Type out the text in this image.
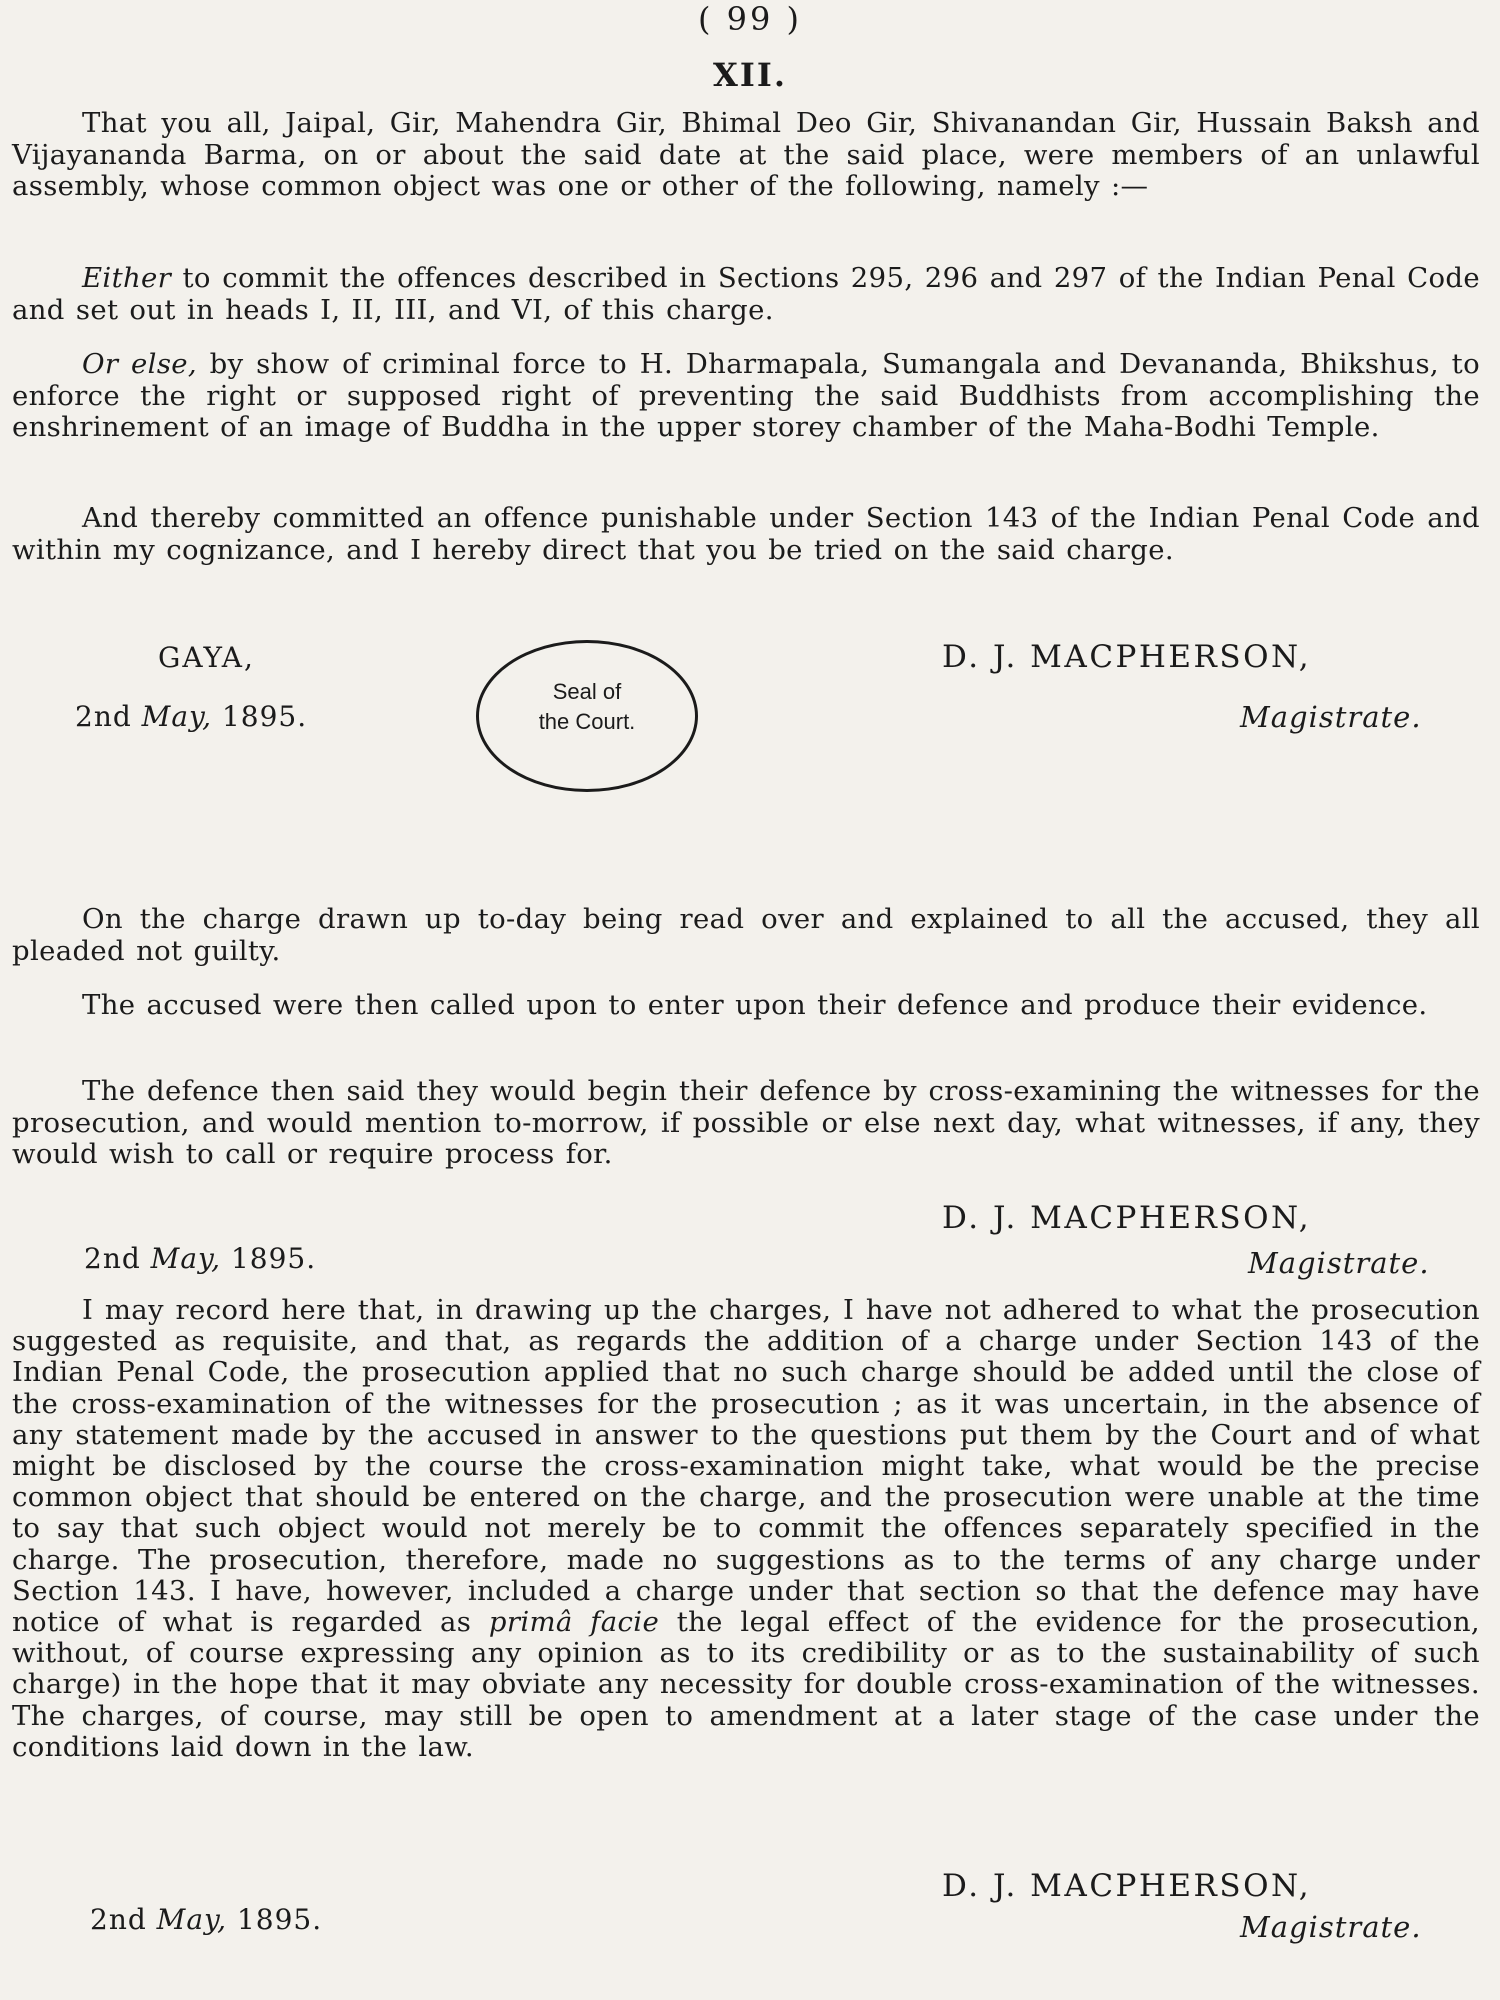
( 99 )
XII.

That you all, Jaipal, Gir, Mahendra Gir, Bhimal Deo Gir, Shivanandan Gir, Hussain Baksh and Vijayananda Barma, on or about the said date at the said place, were members of an unlawful assembly, whose common object was one or other of the following, namely :—

Either to commit the offences described in Sections 295, 296 and 297 of the Indian Penal Code and set out in heads I, II, III, and VI, of this charge.

Or else, by show of criminal force to H. Dharmapala, Sumangala and Devananda, Bhikshus, to enforce the right or supposed right of preventing the said Buddhists from accomplishing the enshrinement of an image of Buddha in the upper storey chamber of the Maha-Bodhi Temple.

And thereby committed an offence punishable under Section 143 of the Indian Penal Code and within my cognizance, and I hereby direct that you be tried on the said charge.

GAYA,
2nd May, 1895.
Seal of
the Court.
D. J. MACPHERSON,
Magistrate.

On the charge drawn up to-day being read over and explained to all the accused, they all pleaded not guilty.

The accused were then called upon to enter upon their defence and produce their evidence.

The defence then said they would begin their defence by cross-examining the witnesses for the prosecution, and would mention to-morrow, if possible or else next day, what witnesses, if any, they would wish to call or require process for.

D. J. MACPHERSON,
2nd May, 1895.	Magistrate.

I may record here that, in drawing up the charges, I have not adhered to what the prosecution suggested as requisite, and that, as regards the addition of a charge under Section 143 of the Indian Penal Code, the prosecution applied that no such charge should be added until the close of the cross-examination of the witnesses for the prosecution ; as it was uncertain, in the absence of any statement made by the accused in answer to the questions put them by the Court and of what might be disclosed by the course the cross-examination might take, what would be the precise common object that should be entered on the charge, and the prosecution were unable at the time to say that such object would not merely be to commit the offences separately specified in the charge. The prosecution, therefore, made no suggestions as to the terms of any charge under Section 143. I have, however, included a charge under that section so that the defence may have notice of what is regarded as primâ facie the legal effect of the evidence for the prosecution, without, of course expressing any opinion as to its credibility or as to the sustainability of such charge) in the hope that it may obviate any necessity for double cross-examination of the witnesses. The charges, of course, may still be open to amendment at a later stage of the case under the conditions laid down in the law.

D. J. MACPHERSON,
2nd May, 1895.	Magistrate.
